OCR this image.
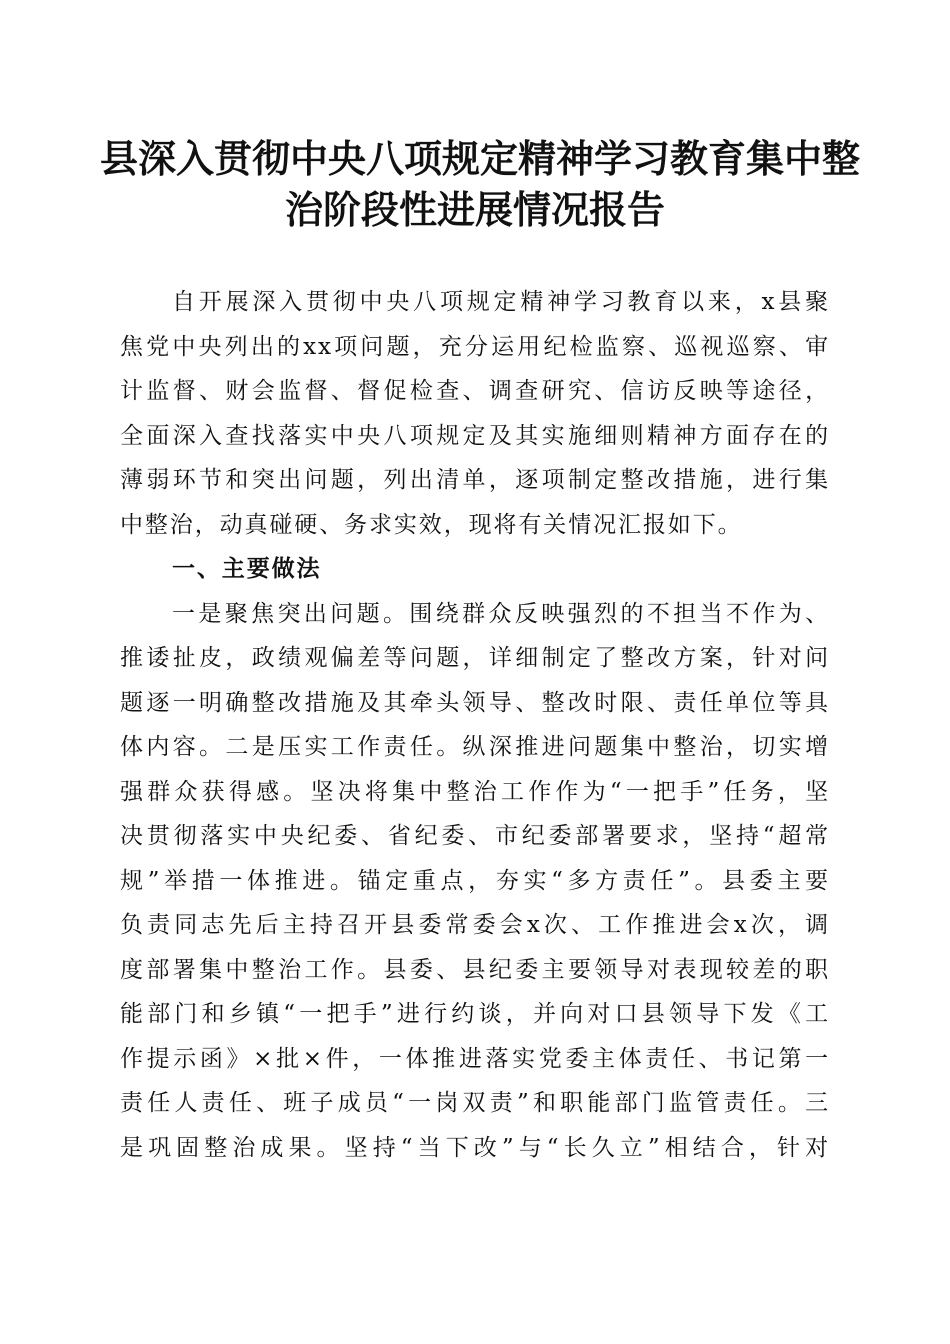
县深入贯彻中央八项规定精神学习教育集中整
治阶段性进展情况报告
自开展深入贯彻中央八项规定精神学习教育以来，x县聚
焦党中央列出的xx项问题，充分运用纪检监察、巡视巡察、审
计监督、财会监督、督促检查、调查研究、信访反映等途径，
全面深入查找落实中央八项规定及其实施细则精神方面存在的
薄弱环节和突出问题，列出清单，逐项制定整改措施，进行集
中整治，动真碰硬、务求实效，现将有关情况汇报如下。
一、主要做法
一是聚焦突出问题。围绕群众反映强烈的不担当不作为、
推诿扯皮，政绩观偏差等问题，详细制定了整改方案，针对问
题逐一明确整改措施及其牵头领导、整改时限、责任单位等具
体内容。二是压实工作责任。纵深推进问题集中整治，切实增
强群众获得感。坚决将集中整治工作作为“一把手”任务，坚
决贯彻落实中央纪委、省纪委、市纪委部署要求，坚持“超常
规”举措一体推进。锚定重点，夯实“多方责任”。县委主要
负责同志先后主持召开县委常委会x次、工作推进会x次，调
度部署集中整治工作。县委、县纪委主要领导对表现较差的职
能部门和乡镇“一把手”进行约谈，并向对口县领导下发《工
作提示函》×批×件，一体推进落实党委主体责任、书记第一
责任人责任、班子成员“一岗双责”和职能部门监管责任。三
是巩固整治成果。坚持“当下改”与“长久立”相结合，针对
